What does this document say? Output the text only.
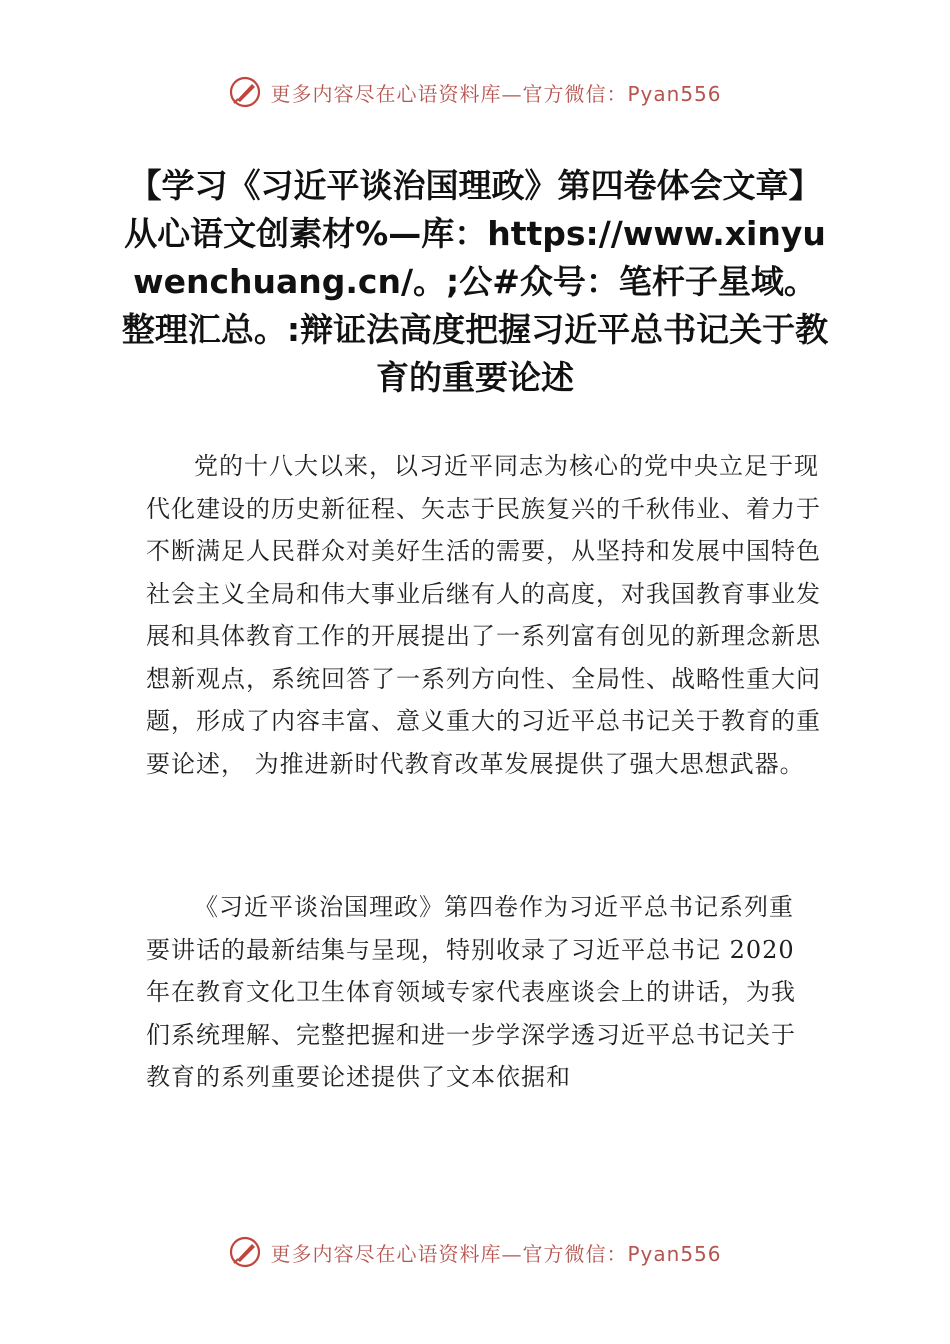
更多内容尽在心语资料库—官方微信：Pyan556
【学习《习近平谈治国理政》第四卷体会文章】从心语文创素材%—库：https://www.xinyuwenchuang.cn/。;公#众号：笔杆子星域。整理汇总。:辩证法高度把握习近平总书记关于教育的重要论述

党的十八大以来，以习近平同志为核心的党中央立足于现代化建设的历史新征程、矢志于民族复兴的千秋伟业、着力于不断满足人民群众对美好生活的需要，从坚持和发展中国特色社会主义全局和伟大事业后继有人的高度，对我国教育事业发展和具体教育工作的开展提出了一系列富有创见的新理念新思想新观点，系统回答了一系列方向性、全局性、战略性重大问题，形成了内容丰富、意义重大的习近平总书记关于教育的重要论述， 为推进新时代教育改革发展提供了强大思想武器。

《习近平谈治国理政》第四卷作为习近平总书记系列重要讲话的最新结集与呈现，特别收录了习近平总书记 2020 年在教育文化卫生体育领域专家代表座谈会上的讲话，为我们系统理解、完整把握和进一步学深学透习近平总书记关于教育的系列重要论述提供了文本依据和

更多内容尽在心语资料库—官方微信：Pyan556
